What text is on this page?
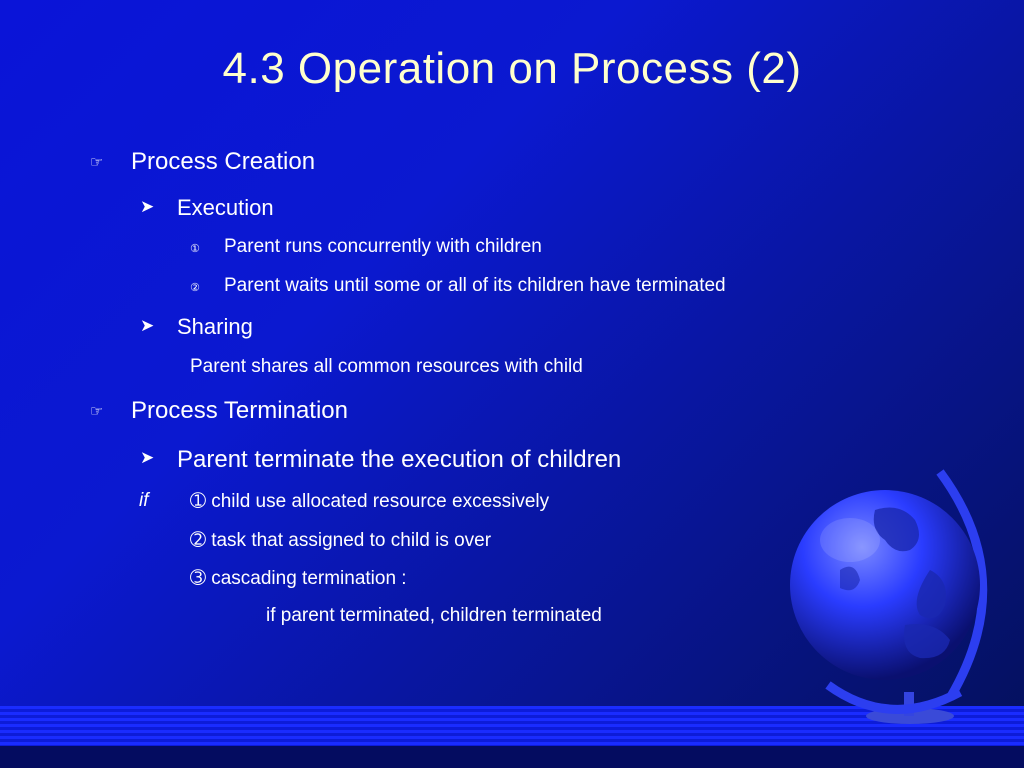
4.3 Operation on Process (2)
☞ Process Creation
➤ Execution
① Parent runs concurrently with children
② Parent waits until some or all of its children have terminated
➤ Sharing
Parent shares all common resources with child
☞ Process Termination
➤ Parent terminate the execution of children
if ➀ child use allocated resource excessively
➁ task that assigned to child is over
➂ cascading termination :
if parent terminated, children terminated
